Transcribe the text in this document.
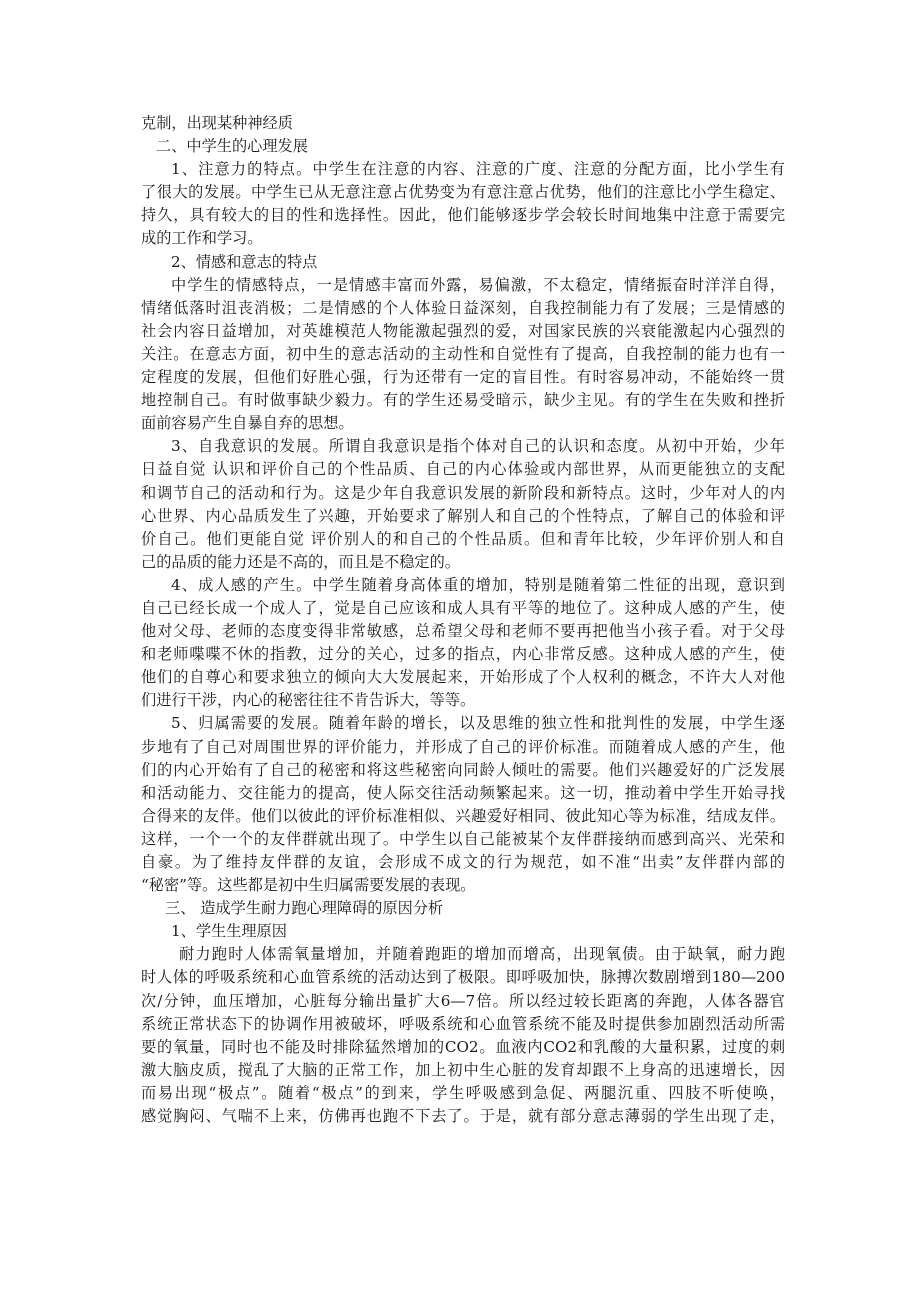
克制，出现某种神经质
二、中学生的心理发展
1、注意力的特点。中学生在注意的内容、注意的广度、注意的分配方面，比小学生有
了很大的发展。中学生已从无意注意占优势变为有意注意占优势，他们的注意比小学生稳定、
持久，具有较大的目的性和选择性。因此，他们能够逐步学会较长时间地集中注意于需要完
成的工作和学习。
2、情感和意志的特点
中学生的情感特点，一是情感丰富而外露，易偏激，不太稳定，情绪振奋时洋洋自得，
情绪低落时沮丧消极；二是情感的个人体验日益深刻，自我控制能力有了发展；三是情感的
社会内容日益增加，对英雄模范人物能激起强烈的爱，对国家民族的兴衰能激起内心强烈的
关注。在意志方面，初中生的意志活动的主动性和自觉性有了提高，自我控制的能力也有一
定程度的发展，但他们好胜心强，行为还带有一定的盲目性。有时容易冲动，不能始终一贯
地控制自己。有时做事缺少毅力。有的学生还易受暗示，缺少主见。有的学生在失败和挫折
面前容易产生自暴自弃的思想。
3、自我意识的发展。所谓自我意识是指个体对自己的认识和态度。从初中开始，少年
日益自觉 认识和评价自己的个性品质、自己的内心体验或内部世界，从而更能独立的支配
和调节自己的活动和行为。这是少年自我意识发展的新阶段和新特点。这时，少年对人的内
心世界、内心品质发生了兴趣，开始要求了解别人和自己的个性特点，了解自己的体验和评
价自己。他们更能自觉 评价别人的和自己的个性品质。但和青年比较，少年评价别人和自
己的品质的能力还是不高的，而且是不稳定的。
4、成人感的产生。中学生随着身高体重的增加，特别是随着第二性征的出现，意识到
自己已经长成一个成人了，觉是自己应该和成人具有平等的地位了。这种成人感的产生，使
他对父母、老师的态度变得非常敏感，总希望父母和老师不要再把他当小孩子看。对于父母
和老师喋喋不休的指教，过分的关心，过多的指点，内心非常反感。这种成人感的产生，使
他们的自尊心和要求独立的倾向大大发展起来，开始形成了个人权利的概念，不许大人对他
们进行干涉，内心的秘密往往不肯告诉大，等等。
5、归属需要的发展。随着年龄的增长，以及思维的独立性和批判性的发展，中学生逐
步地有了自己对周围世界的评价能力，并形成了自己的评价标准。而随着成人感的产生，他
们的内心开始有了自己的秘密和将这些秘密向同龄人倾吐的需要。他们兴趣爱好的广泛发展
和活动能力、交往能力的提高，使人际交往活动频繁起来。这一切，推动着中学生开始寻找
合得来的友伴。他们以彼此的评价标准相似、兴趣爱好相同、彼此知心等为标准，结成友伴。
这样，一个一个的友伴群就出现了。中学生以自己能被某个友伴群接纳而感到高兴、光荣和
自豪。为了维持友伴群的友谊，会形成不成文的行为规范，如不准“出卖”友伴群内部的
“秘密”等。这些都是初中生归属需要发展的表现。
三、 造成学生耐力跑心理障碍的原因分析
1、学生生理原因
耐力跑时人体需氧量增加，并随着跑距的增加而增高，出现氧债。由于缺氧，耐力跑
时人体的呼吸系统和心血管系统的活动达到了极限。即呼吸加快，脉搏次数剧增到180—200
次/分钟，血压增加，心脏每分输出量扩大6—7倍。所以经过较长距离的奔跑，人体各器官
系统正常状态下的协调作用被破坏，呼吸系统和心血管系统不能及时提供参加剧烈活动所需
要的氧量，同时也不能及时排除猛然增加的CO2。血液内CO2和乳酸的大量积累，过度的刺
激大脑皮质，搅乱了大脑的正常工作，加上初中生心脏的发育却跟不上身高的迅速增长，因
而易出现“极点”。随着“极点”的到来，学生呼吸感到急促、两腿沉重、四肢不听使唤，
感觉胸闷、气喘不上来，仿佛再也跑不下去了。于是，就有部分意志薄弱的学生出现了走，
